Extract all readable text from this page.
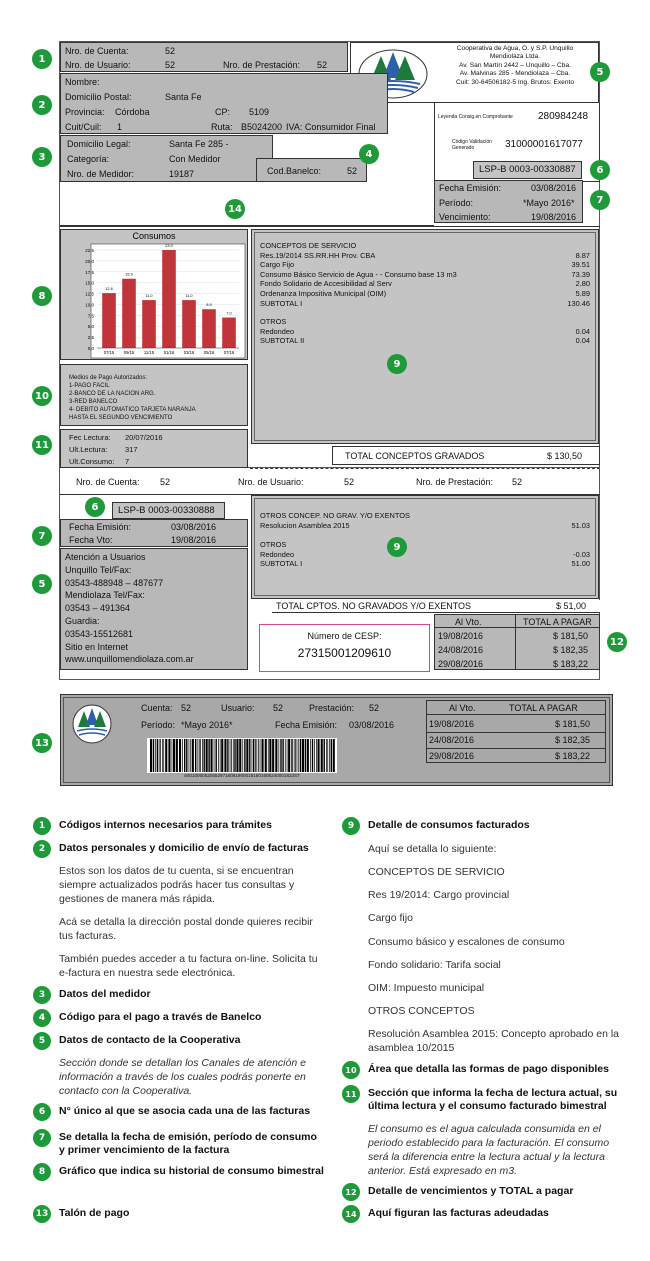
Nro. de Cuenta:	52
Nro. de Usuario:	52	Nro. de Prestación: 52
Cooperativa de Agua, O. y S.P. Unquillo
Mendiolaza Ltda.
Av. San Martín 2442 – Unquillo – Cba.
Av. Malvinas 285 - Mendiolaza – Cba.
Cuit: 30-64506182-5 Ing. Brutos: Exento
Nombre:
Domicilio Postal:	Santa Fe
Provincia: Córdoba	CP: 5109
Cuit/Cuil: 1	Ruta: B5024200 IVA: Consumidor Final
Domicilio Legal:	Santa Fe 285 -
Categoría:	Con Medidor
Nro. de Medidor:	19187	Cod.Banelco:	52
Leyenda Consig.en Comprobante	280984248
Código Validación
Generado	31000001617077
LSP-B 0003-00330887
Fecha Emisión:	03/08/2016
Período:	*Mayo 2016*
Vencimiento:	19/08/2016
Consumos
22,5
20,0
17,5
15,0
12,5
10,0
7,5
5,0
2,5
0,0
12.6
07/15
15.9
09/15
11.0
11/15
23.0
01/16
11.0
03/16
8.9
05/16
7.0
07/16
CONCEPTOS DE SERVICIO
Res.19/2014 SS.RR.HH Prov. CBA	8.87
Cargo Fijo	39.51
Consumo Básico Servicio de Agua - - Consumo base 13 m3	73.39
Fondo Solidario de Accesibilidad al Serv	2.80
Ordenanza Impositiva Municipal (OIM)	5.89
SUBTOTAL I	130.46
OTROS
Redondeo	0.04
SUBTOTAL II	0.04
Medios de Pago Autorizados:
1-PAGO FACIL
2-BANCO DE LA NACION ARG.
3-RED BANELCO
4- DEBITO AUTOMATICO TARJETA NARANJA
HASTA EL SEGUNDO VENCIMIENTO
Fec Lectura: 20/07/2016
Ult.Lectura: 317
Ult.Consumo: 7
TOTAL CONCEPTOS GRAVADOS	$ 130,50
Nro. de Cuenta: 52	Nro. de Usuario:	52	Nro. de Prestación: 52
LSP-B 0003-00330888
Fecha Emisión:	03/08/2016
Fecha Vto:	19/08/2016
Atención a Usuarios
Unquillo Tel/Fax:
03543-488948 – 487677
Mendiolaza Tel/Fax:
03543 – 491364
Guardia:
03543-15512681
Sitio en Internet
www.unquillomendiolaza.com.ar
OTROS CONCEP. NO GRAV. Y/O EXENTOS
Resolucion Asamblea 2015	51.03
OTROS
Redondeo	-0.03
SUBTOTAL I	51.00
TOTAL CPTOS. NO GRAVADOS Y/O EXENTOS	$ 51,00
Número de CESP:
27315001209610
Al Vto.	TOTAL A PAGAR
19/08/2016	$ 181,50
24/08/2016	$ 182,35
29/08/2016	$ 183,22
Cuenta: 52	Usuario: 52	Prestación: 52
Período: *Mayo 2016*	Fecha Emisión: 03/08/2016
8401000052055297160819000181501608240001823S7
Al Vto.	TOTAL A PAGAR
19/08/2016	$ 181,50
24/08/2016	$ 182,35
29/08/2016	$ 183,22
1
2
3	4
5
6
7
14
8
9
10
11
6
7
9
5
12
13
1	Códigos internos necesarios para trámites
2	Datos personales y domicilio de envío de facturas
Estos son los datos de tu cuenta, si se encuentran siempre actualizados podrás hacer tus consultas y gestiones de manera más rápida.
Acá se detalla la dirección postal donde quieres recibir tus facturas.
También puedes acceder a tu factura on-line. Solicita tu e-factura en nuestra sede electrónica.
3	Datos del medidor
4	Código para el pago a través de Banelco
5	Datos de contacto de la Cooperativa
Sección donde se detallan los Canales de atención e información a través de los cuales podrás ponerte en contacto con la Cooperativa.
6	N° único al que se asocia cada una de las facturas
7	Se detalla la fecha de emisión, período de consumo y primer vencimiento de la factura
8	Gráfico que indica su historial de consumo bimestral
13 Talón de pago
9	Detalle de consumos facturados
Aquí se detalla lo siguiente:
CONCEPTOS DE SERVICIO
Res 19/2014: Cargo provincial
Cargo fijo
Consumo básico y escalones de consumo
Fondo solidario: Tarifa social
OIM: Impuesto municipal
OTROS CONCEPTOS
Resolución Asamblea 2015: Concepto aprobado en la asamblea 10/2015
10	Área que detalla las formas de pago disponibles
11	Sección que informa la fecha de lectura actual, su última lectura y el consumo facturado bimestral
El consumo es el agua calculada consumida en el periodo establecido para la facturación. El consumo será la diferencia entre la lectura actual y la lectura anterior. Está expresado en m3.
12	Detalle de vencimientos y TOTAL a pagar
14	Aquí figuran las facturas adeudadas
